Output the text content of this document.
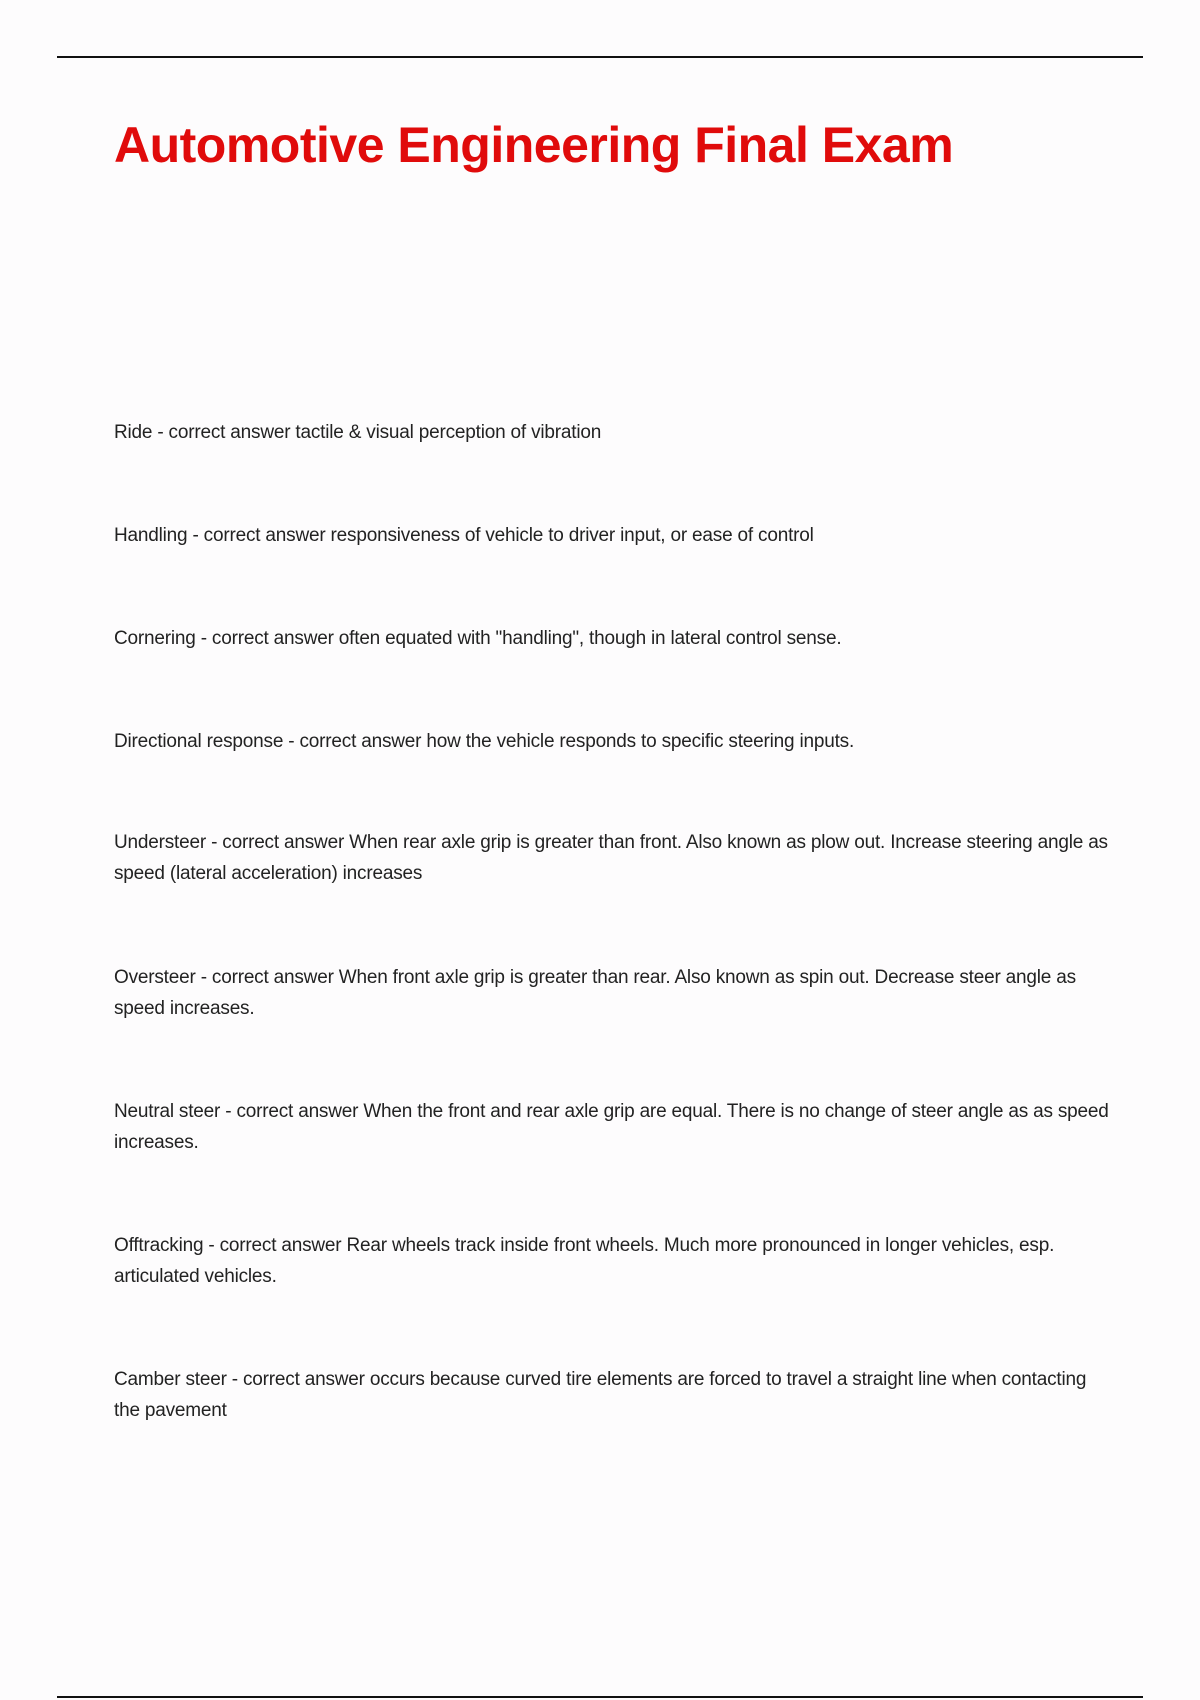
Automotive Engineering Final Exam
Ride - correct answer tactile & visual perception of vibration
Handling - correct answer responsiveness of vehicle to driver input, or ease of control
Cornering - correct answer often equated with "handling", though in lateral control sense.
Directional response - correct answer how the vehicle responds to specific steering inputs.
Understeer - correct answer When rear axle grip is greater than front. Also known as plow out. Increase steering angle as speed (lateral acceleration) increases
Oversteer - correct answer When front axle grip is greater than rear. Also known as spin out. Decrease steer angle as speed increases.
Neutral steer - correct answer When the front and rear axle grip are equal. There is no change of steer angle as as speed increases.
Offtracking - correct answer Rear wheels track inside front wheels. Much more pronounced in longer vehicles, esp. articulated vehicles.
Camber steer - correct answer occurs because curved tire elements are forced to travel a straight line when contacting the pavement
